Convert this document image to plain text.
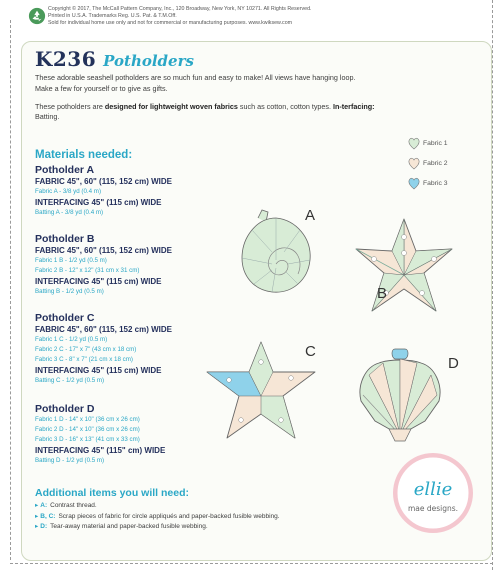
Copyright © 2017, The McCall Pattern Company, Inc., 120 Broadway, New York, NY 10271. All Rights Reserved.
Printed in U.S.A. Trademarks Reg. U.S. Pat. & T.M.Off.
Sold for individual home use only and not for commercial or manufacturing purposes. www.kwiksew.com
K236 Potholders
These adorable seashell potholders are so much fun and easy to make! All views have hanging loop.
Make a few for yourself or to give as gifts.
These potholders are designed for lightweight woven fabrics such as cotton, cotton types. In-terfacing: Batting.
Materials needed:
Potholder A
FABRIC 45", 60" (115, 152 cm) WIDE
Fabric A - 3/8 yd (0.4 m)
INTERFACING 45" (115 cm) WIDE
Batting A - 3/8 yd (0.4 m)
Potholder B
FABRIC 45", 60" (115, 152 cm) WIDE
Fabric 1 B - 1/2 yd (0.5 m)
Fabric 2 B - 12" x 12" (31 cm x 31 cm)
INTERFACING 45" (115 cm) WIDE
Batting B - 1/2 yd (0.5 m)
Potholder C
FABRIC 45", 60" (115, 152 cm) WIDE
Fabric 1 C - 1/2 yd (0.5 m)
Fabric 2 C - 17" x 7" (43 cm x 18 cm)
Fabric 3 C - 8" x 7" (21 cm x 18 cm)
INTERFACING 45" (115 cm) WIDE
Batting C - 1/2 yd (0.5 m)
Potholder D
Fabric 1 D - 14" x 10" (36 cm x 26 cm)
Fabric 2 D - 14" x 10" (36 cm x 26 cm)
Fabric 3 D - 16" x 13" (41 cm x 33 cm)
INTERFACING 45" (115" cm) WIDE
Batting D - 1/2 yd (0.5 m)
Fabric 1
Fabric 2
Fabric 3
A
B
C
D
Additional items you will need:
▸ A: Contrast thread.
▸ B, C: Scrap pieces of fabric for circle appliqués and paper-backed fusible webbing.
▸ D: Tear-away material and paper-backed fusible webbing.
ellie
mae designs.
